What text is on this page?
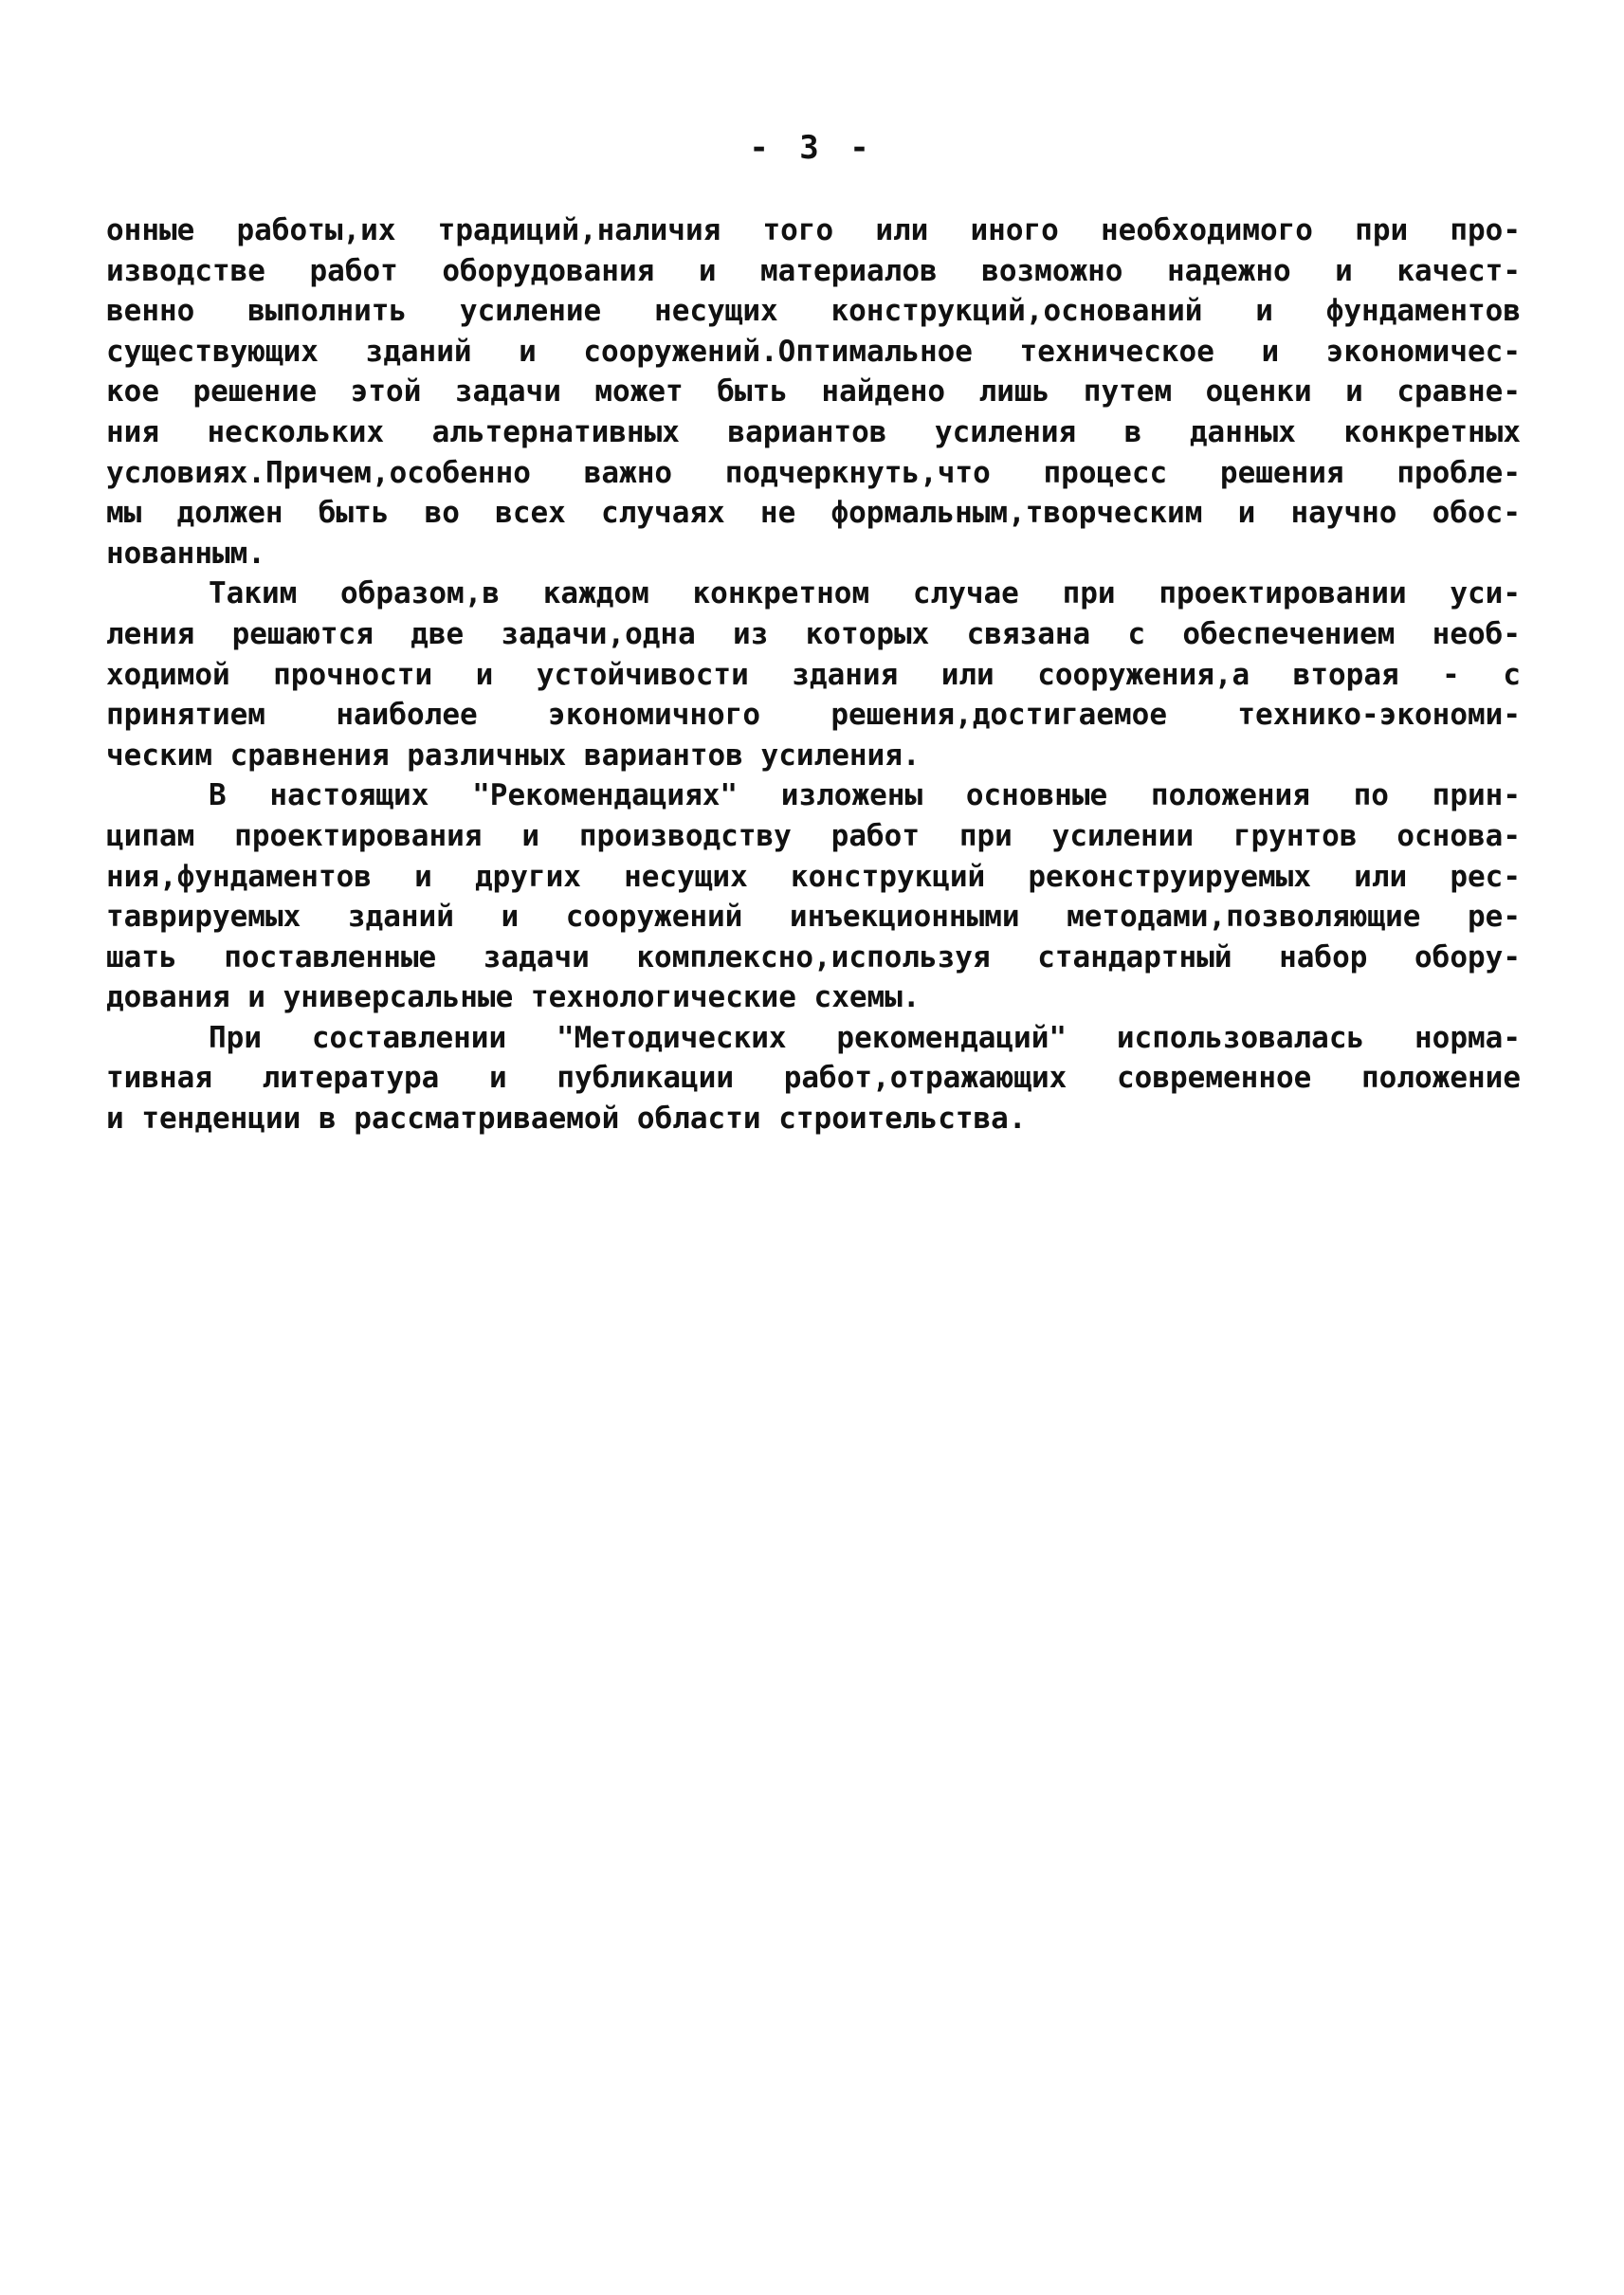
- 3 -
онные работы,их традиций,наличия того или иного необходимого при про-
изводстве работ оборудования и материалов возможно надежно и качест-
венно выполнить усиление несущих конструкций,оснований и фундаментов
существующих зданий и сооружений.Оптимальное техническое и экономичес-
кое решение этой задачи может быть найдено лишь путем оценки и сравне-
ния нескольких альтернативных вариантов усиления в данных конкретных
условиях.Причем,особенно важно подчеркнуть,что процесс решения пробле-
мы должен быть во всех случаях не формальным,творческим и научно обос-
нованным.
Таким образом,в каждом конкретном случае при проектировании уси-
ления решаются две задачи,одна из которых связана с обеспечением необ-
ходимой прочности и устойчивости здания или сооружения,а вторая - с
принятием наиболее экономичного решения,достигаемое технико-экономи-
ческим сравнения различных вариантов усиления.
В настоящих "Рекомендациях" изложены основные положения по прин-
ципам проектирования и производству работ при усилении грунтов основа-
ния,фундаментов и других несущих конструкций реконструируемых или рес-
таврируемых зданий и сооружений инъекционными методами,позволяющие ре-
шать поставленные задачи комплексно,используя стандартный набор обору-
дования и универсальные технологические схемы.
При составлении "Методических рекомендаций" использовалась норма-
тивная литература и публикации работ,отражающих современное положение
и тенденции в рассматриваемой области строительства.
